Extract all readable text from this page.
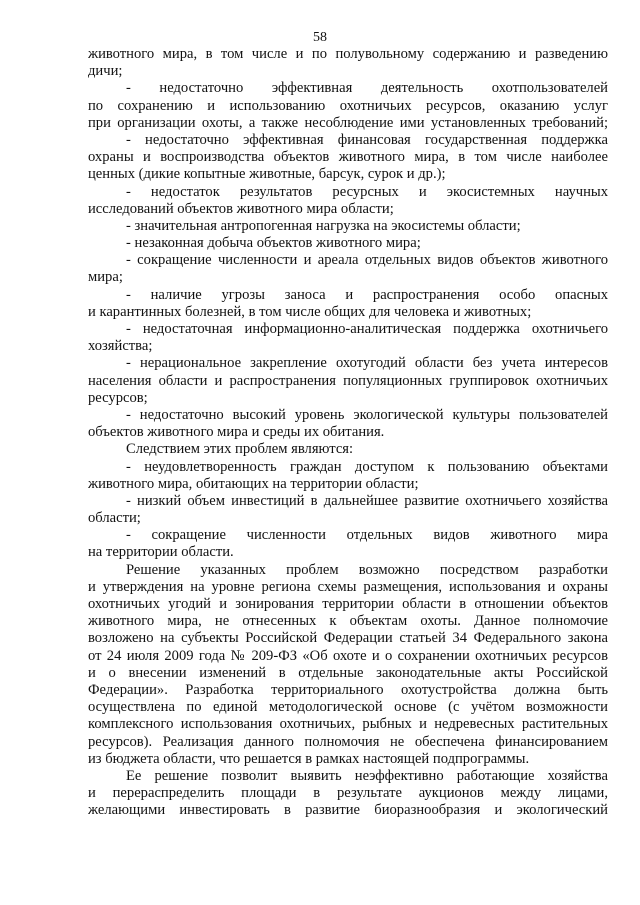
58
животного мира, в том числе и по полувольному содержанию и разведению
дичи;
- недостаточно эффективная деятельность охотпользователей
по сохранению и использованию охотничьих ресурсов, оказанию услуг
при организации охоты, а также несоблюдение ими установленных требований;
- недостаточно эффективная финансовая государственная поддержка
охраны и воспроизводства объектов животного мира, в том числе наиболее
ценных (дикие копытные животные, барсук, сурок и др.);
- недостаток результатов ресурсных и экосистемных научных
исследований объектов животного мира области;
- значительная антропогенная нагрузка на экосистемы области;
- незаконная добыча объектов животного мира;
- сокращение численности и ареала отдельных видов объектов животного
мира;
- наличие угрозы заноса и распространения особо опасных
и карантинных болезней, в том числе общих для человека и животных;
- недостаточная информационно-аналитическая поддержка охотничьего
хозяйства;
- нерациональное закрепление охотугодий области без учета интересов
населения области и распространения популяционных группировок охотничьих
ресурсов;
- недостаточно высокий уровень экологической культуры пользователей
объектов животного мира и среды их обитания.
Следствием этих проблем являются:
- неудовлетворенность граждан доступом к пользованию объектами
животного мира, обитающих на территории области;
- низкий объем инвестиций в дальнейшее развитие охотничьего хозяйства
области;
- сокращение численности отдельных видов животного мира
на территории области.
Решение указанных проблем возможно посредством разработки
и утверждения на уровне региона схемы размещения, использования и охраны
охотничьих угодий и зонирования территории области в отношении объектов
животного мира, не отнесенных к объектам охоты. Данное полномочие
возложено на субъекты Российской Федерации статьей 34 Федерального закона
от 24 июля 2009 года № 209-ФЗ «Об охоте и о сохранении охотничьих ресурсов
и о внесении изменений в отдельные законодательные акты Российской
Федерации». Разработка территориального охотустройства должна быть
осуществлена по единой методологической основе (с учётом возможности
комплексного использования охотничьих, рыбных и недревесных растительных
ресурсов). Реализация данного полномочия не обеспечена финансированием
из бюджета области, что решается в рамках настоящей подпрограммы.
Ее решение позволит выявить неэффективно работающие хозяйства
и перераспределить площади в результате аукционов между лицами,
желающими инвестировать в развитие биоразнообразия и экологический
